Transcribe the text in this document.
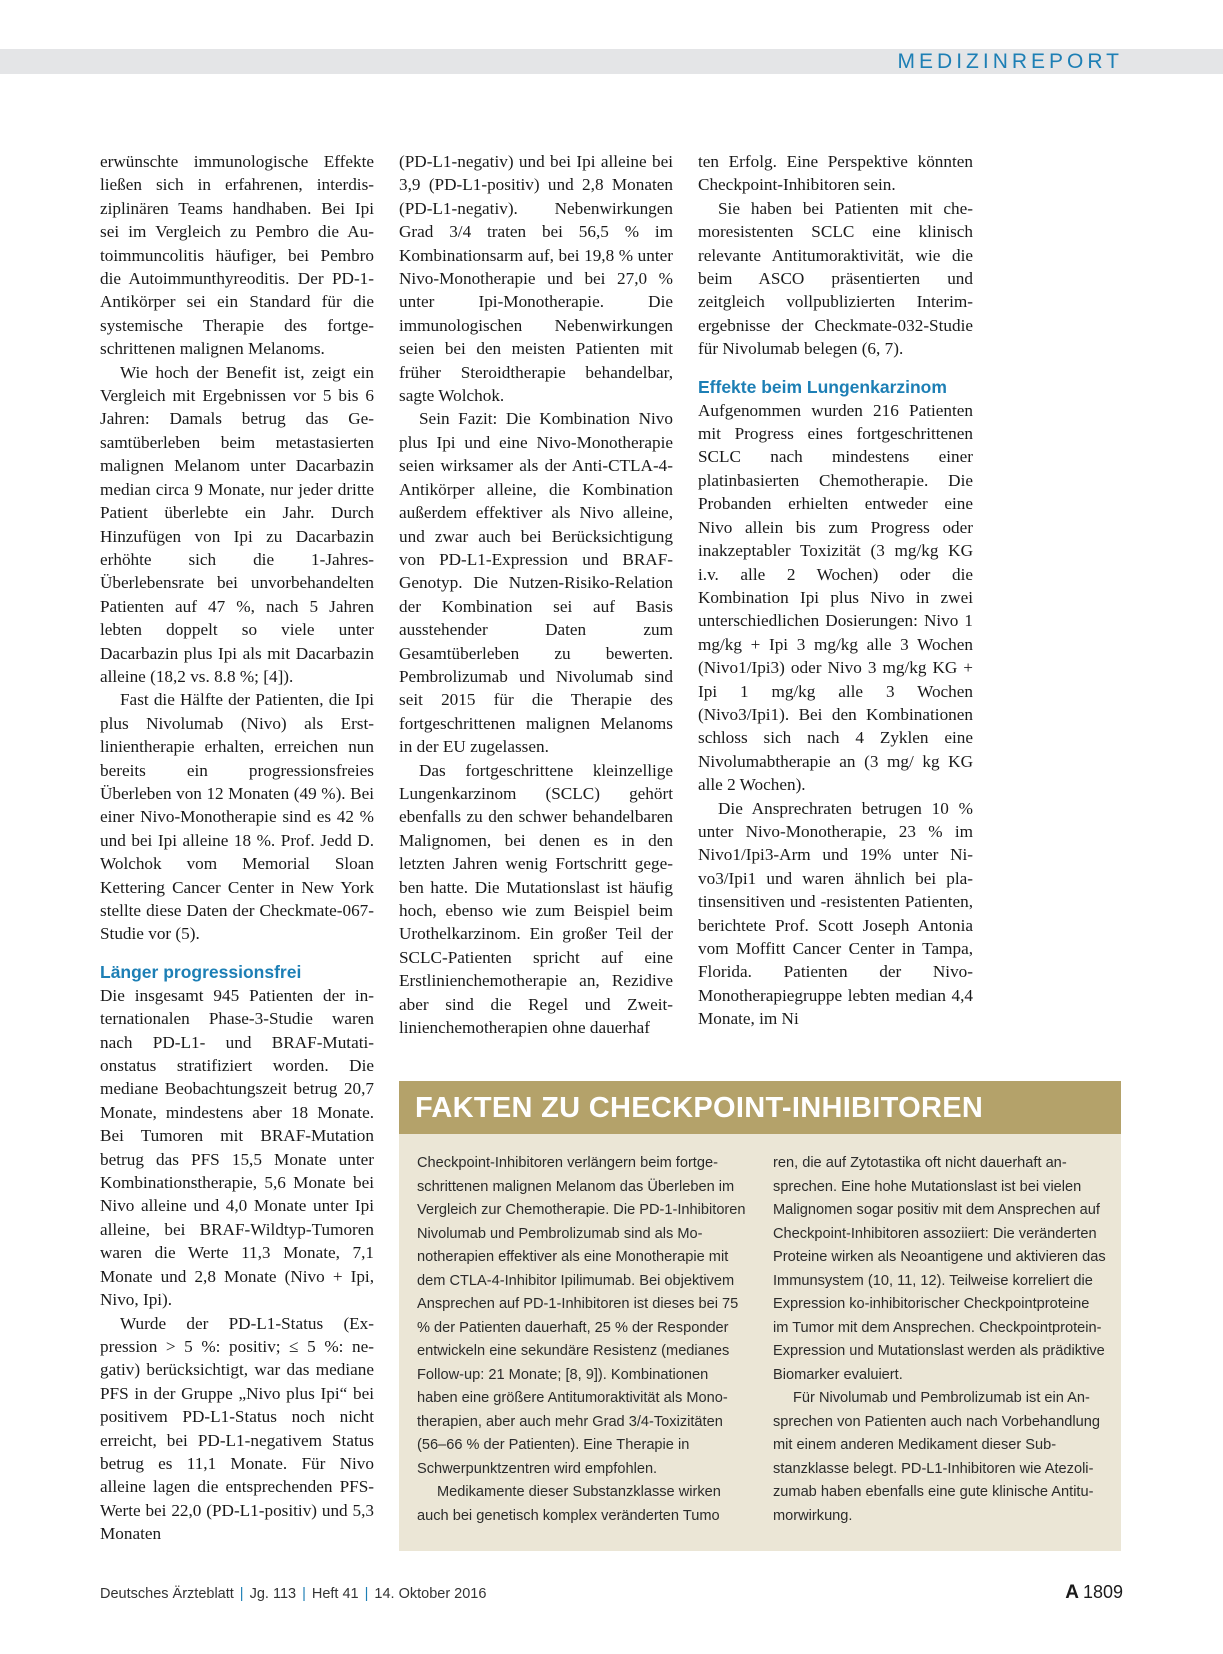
MEDIZINREPORT

erwünschte immunologische Effekte ließen sich in erfahrenen, interdisziplinären Teams handhaben. Bei Ipi sei im Vergleich zu Pembro die Autoimmuncolitis häufiger, bei Pembro die Autoimmunthyreoditis. Der PD-1-Antikörper sei ein Standard für die systemische Therapie des fortgeschrittenen malignen Melanoms.

Wie hoch der Benefit ist, zeigt ein Vergleich mit Ergebnissen vor 5 bis 6 Jahren: Damals betrug das Gesamtüberleben beim metastasierten malignen Melanom unter Dacarbazin median circa 9 Monate, nur jeder dritte Patient überlebte ein Jahr. Durch Hinzufügen von Ipi zu Dacarbazin erhöhte sich die 1-Jahres-Überlebensrate bei unvorbehandelten Patienten auf 47 %, nach 5 Jahren lebten doppelt so viele unter Dacarbazin plus Ipi als mit Dacarbazin alleine (18,2 vs. 8.8 %; [4]).

Fast die Hälfte der Patienten, die Ipi plus Nivolumab (Nivo) als Erstlinientherapie erhalten, erreichen nun bereits ein progressionsfreies Überleben von 12 Monaten (49 %). Bei einer Nivo-Monotherapie sind es 42 % und bei Ipi alleine 18 %. Prof. Jedd D. Wolchok vom Memorial Sloan Kettering Cancer Center in New York stellte diese Daten der Checkmate-067-Studie vor (5).

Länger progressionsfrei

Die insgesamt 945 Patienten der internationalen Phase-3-Studie waren nach PD-L1- und BRAF-Mutationstatus stratifiziert worden. Die mediane Beobachtungszeit betrug 20,7 Monate, mindestens aber 18 Monate. Bei Tumoren mit BRAF-Mutation betrug das PFS 15,5 Monate unter Kombinationstherapie, 5,6 Monate bei Nivo alleine und 4,0 Monate unter Ipi alleine, bei BRAF-Wildtyp-Tumoren waren die Werte 11,3 Monate, 7,1 Monate und 2,8 Monate (Nivo + Ipi, Nivo, Ipi).

Wurde der PD-L1-Status (Expression > 5 %: positiv; ≤ 5 %: negativ) berücksichtigt, war das mediane PFS in der Gruppe „Nivo plus Ipi“ bei positivem PD-L1-Status noch nicht erreicht, bei PD-L1-negativem Status betrug es 11,1 Monate. Für Nivo alleine lagen die entsprechenden PFS-Werte bei 22,0 (PD-L1-positiv) und 5,3 Monaten

(PD-L1-negativ) und bei Ipi alleine bei 3,9 (PD-L1-positiv) und 2,8 Monaten (PD-L1-negativ). Nebenwirkungen Grad 3/4 traten bei 56,5 % im Kombinationsarm auf, bei 19,8 % unter Nivo-Monotherapie und bei 27,0 % unter Ipi-Monotherapie. Die immunologischen Nebenwirkungen seien bei den meisten Patienten mit früher Steroidtherapie behandelbar, sagte Wolchok.

Sein Fazit: Die Kombination Nivo plus Ipi und eine Nivo-Monotherapie seien wirksamer als der Anti-CTLA-4-Antikörper alleine, die Kombination außerdem effektiver als Nivo alleine, und zwar auch bei Berücksichtigung von PD-L1-Expression und BRAF-Genotyp. Die Nutzen-Risiko-Relation der Kombination sei auf Basis ausstehender Daten zum Gesamtüberleben zu bewerten. Pembrolizumab und Nivolumab sind seit 2015 für die Therapie des fortgeschrittenen malignen Melanoms in der EU zugelassen.

Das fortgeschrittene kleinzellige Lungenkarzinom (SCLC) gehört ebenfalls zu den schwer behandelbaren Malignomen, bei denen es in den letzten Jahren wenig Fortschritt gegeben hatte. Die Mutationslast ist häufig hoch, ebenso wie zum Beispiel beim Urothelkarzinom. Ein großer Teil der SCLC-Patienten spricht auf eine Erstlinienchemotherapie an, Rezidive aber sind die Regel und Zweitlinienchemotherapien ohne dauerhaf

ten Erfolg. Eine Perspektive könnten Checkpoint-Inhibitoren sein.

Sie haben bei Patienten mit chemoresistenten SCLC eine klinisch relevante Antitumoraktivität, wie die beim ASCO präsentierten und zeitgleich vollpublizierten Interimergebnisse der Checkmate-032-Studie für Nivolumab belegen (6, 7).

Effekte beim Lungenkarzinom

Aufgenommen wurden 216 Patienten mit Progress eines fortgeschrittenen SCLC nach mindestens einer platinbasierten Chemotherapie. Die Probanden erhielten entweder eine Nivo allein bis zum Progress oder inakzeptabler Toxizität (3 mg/kg KG i.v. alle 2 Wochen) oder die Kombination Ipi plus Nivo in zwei unterschiedlichen Dosierungen: Nivo 1 mg/kg + Ipi 3 mg/kg alle 3 Wochen (Nivo1/Ipi3) oder Nivo 3 mg/kg KG + Ipi 1 mg/kg alle 3 Wochen (Nivo3/Ipi1). Bei den Kombinationen schloss sich nach 4 Zyklen eine Nivolumabtherapie an (3 mg/ kg KG alle 2 Wochen).

Die Ansprechraten betrugen 10 % unter Nivo-Monotherapie, 23 % im Nivo1/Ipi3-Arm und 19% unter Nivo3/Ipi1 und waren ähnlich bei platinsensitiven und -resistenten Patienten, berichtete Prof. Scott Joseph Antonia vom Moffitt Cancer Center in Tampa, Florida. Patienten der Nivo-Monotherapiegruppe lebten median 4,4 Monate, im Ni

FAKTEN ZU CHECKPOINT-INHIBITOREN

Checkpoint-Inhibitoren verlängern beim fortgeschrittenen malignen Melanom das Überleben im Vergleich zur Chemotherapie. Die PD-1-Inhibitoren Nivolumab und Pembrolizumab sind als Monotherapien effektiver als eine Monotherapie mit dem CTLA-4-Inhibitor Ipilimumab. Bei objektivem Ansprechen auf PD-1-Inhibitoren ist dieses bei 75 % der Patienten dauerhaft, 25 % der Responder entwickeln eine sekundäre Resistenz (medianes Follow-up: 21 Monate; [8, 9]). Kombinationen haben eine größere Antitumoraktivität als Monotherapien, aber auch mehr Grad 3/4-Toxizitäten (56–66 % der Patienten). Eine Therapie in Schwerpunktzentren wird empfohlen.

Medikamente dieser Substanzklasse wirken auch bei genetisch komplex veränderten Tumo

ren, die auf Zytotastika oft nicht dauerhaft ansprechen. Eine hohe Mutationslast ist bei vielen Malignomen sogar positiv mit dem Ansprechen auf Checkpoint-Inhibitoren assoziiert: Die veränderten Proteine wirken als Neoantigene und aktivieren das Immunsystem (10, 11, 12). Teilweise korreliert die Expression ko-inhibitorischer Checkpointproteine im Tumor mit dem Ansprechen. Checkpointprotein-Expression und Mutationslast werden als prädiktive Biomarker evaluiert.

Für Nivolumab und Pembrolizumab ist ein Ansprechen von Patienten auch nach Vorbehandlung mit einem anderen Medikament dieser Substanzklasse belegt. PD-L1-Inhibitoren wie Atezolizumab haben ebenfalls eine gute klinische Antitumorwirkung.

Deutsches Ärzteblatt | Jg. 113 | Heft 41 | 14. Oktober 2016	A 1809
